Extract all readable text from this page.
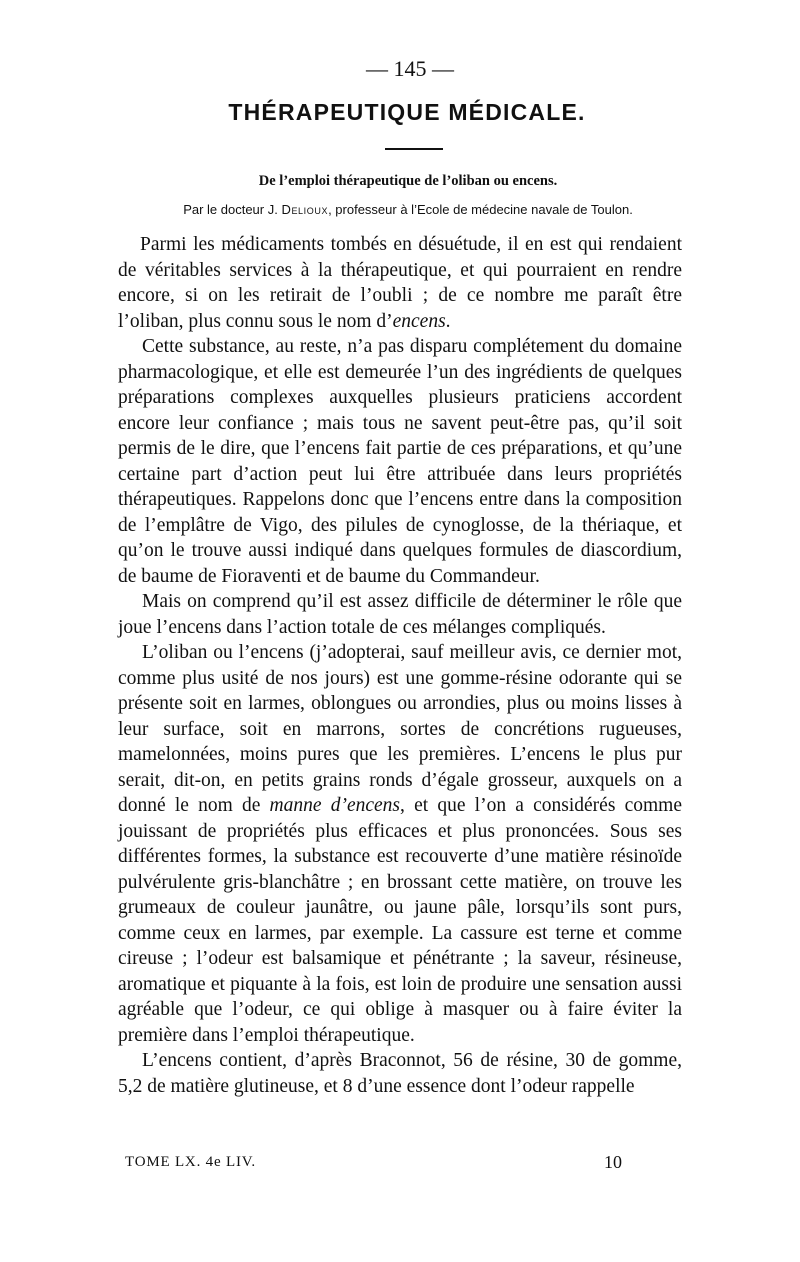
— 145 —
THÉRAPEUTIQUE MÉDICALE.
De l’emploi thérapeutique de l’oliban ou encens.
Par le docteur J. Delioux, professeur à l’Ecole de médecine navale de Toulon.

Parmi les médicaments tombés en désuétude, il en est qui rendaient de véritables services à la thérapeutique, et qui pourraient en rendre encore, si on les retirait de l’oubli ; de ce nombre me paraît être l’oliban, plus connu sous le nom d’encens.

Cette substance, au reste, n’a pas disparu complétement du domaine pharmacologique, et elle est demeurée l’un des ingrédients de quelques préparations complexes auxquelles plusieurs praticiens accordent encore leur confiance ; mais tous ne savent peut-être pas, qu’il soit permis de le dire, que l’encens fait partie de ces préparations, et qu’une certaine part d’action peut lui être attribuée dans leurs propriétés thérapeutiques. Rappelons donc que l’encens entre dans la composition de l’emplâtre de Vigo, des pilules de cynoglosse, de la thériaque, et qu’on le trouve aussi indiqué dans quelques formules de diascordium, de baume de Fioraventi et de baume du Commandeur.

Mais on comprend qu’il est assez difficile de déterminer le rôle que joue l’encens dans l’action totale de ces mélanges compliqués.

L’oliban ou l’encens (j’adopterai, sauf meilleur avis, ce dernier mot, comme plus usité de nos jours) est une gomme-résine odorante qui se présente soit en larmes, oblongues ou arrondies, plus ou moins lisses à leur surface, soit en marrons, sortes de concrétions rugueuses, mamelonnées, moins pures que les premières. L’encens le plus pur serait, dit-on, en petits grains ronds d’égale grosseur, auxquels on a donné le nom de manne d’encens, et que l’on a considérés comme jouissant de propriétés plus efficaces et plus prononcées. Sous ses différentes formes, la substance est recouverte d’une matière résinoïde pulvérulente gris-blanchâtre ; en brossant cette matière, on trouve les grumeaux de couleur jaunâtre, ou jaune pâle, lorsqu’ils sont purs, comme ceux en larmes, par exemple. La cassure est terne et comme cireuse ; l’odeur est balsamique et pénétrante ; la saveur, résineuse, aromatique et piquante à la fois, est loin de produire une sensation aussi agréable que l’odeur, ce qui oblige à masquer ou à faire éviter la première dans l’emploi thérapeutique.

L’encens contient, d’après Braconnot, 56 de résine, 30 de gomme, 5,2 de matière glutineuse, et 8 d’une essence dont l’odeur rappelle

TOME LX. 4e LIV.	10
